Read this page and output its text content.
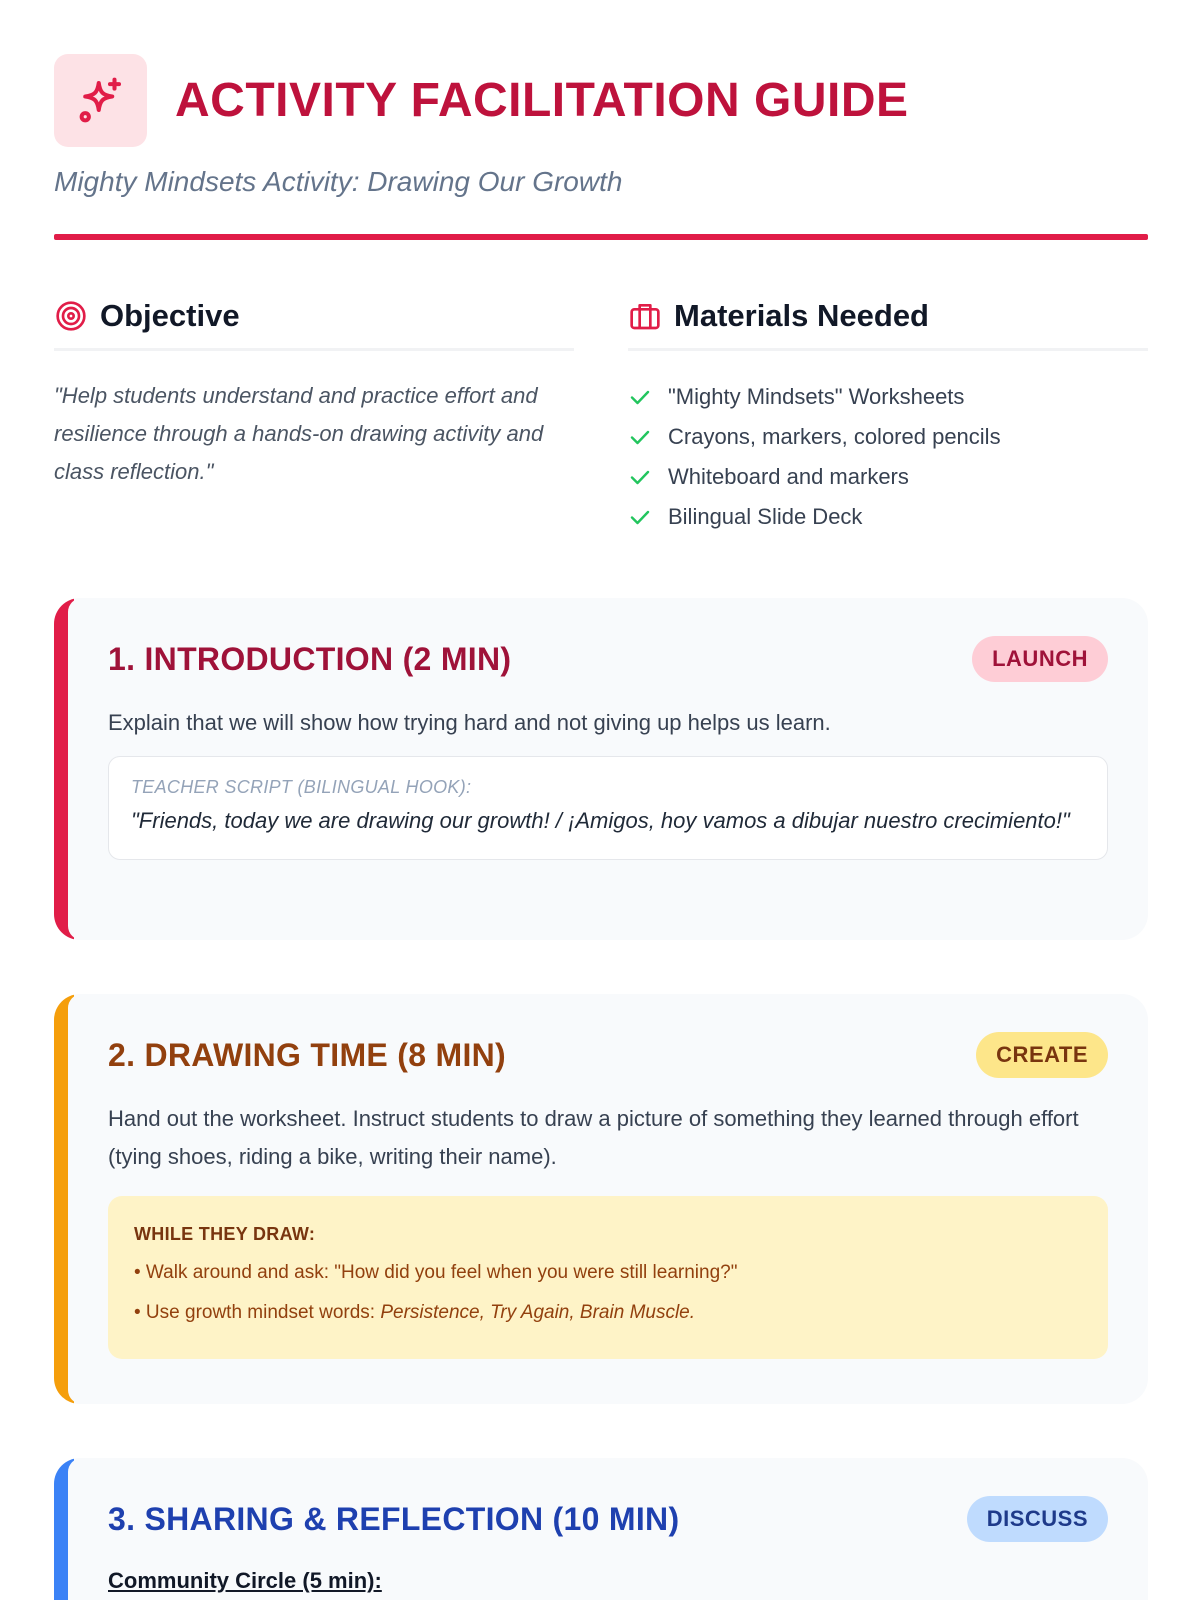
ACTIVITY FACILITATION GUIDE
Mighty Mindsets Activity: Drawing Our Growth
Objective

"Help students understand and practice effort and resilience through a hands-on drawing activity and class reflection."

Materials Needed
"Mighty Mindsets" Worksheets
Crayons, markers, colored pencils
Whiteboard and markers
Bilingual Slide Deck
1. INTRODUCTION (2 MIN)	LAUNCH

Explain that we will show how trying hard and not giving up helps us learn.

TEACHER SCRIPT (BILINGUAL HOOK):
"Friends, today we are drawing our growth! / ¡Amigos, hoy vamos a dibujar nuestro crecimiento!"
2. DRAWING TIME (8 MIN)	CREATE

Hand out the worksheet. Instruct students to draw a picture of something they learned through effort (tying shoes, riding a bike, writing their name).

WHILE THEY DRAW:
• Walk around and ask: "How did you feel when you were still learning?"
• Use growth mindset words: Persistence, Try Again, Brain Muscle.
3. SHARING & REFLECTION (10 MIN)	DISCUSS
Community Circle (5 min):
